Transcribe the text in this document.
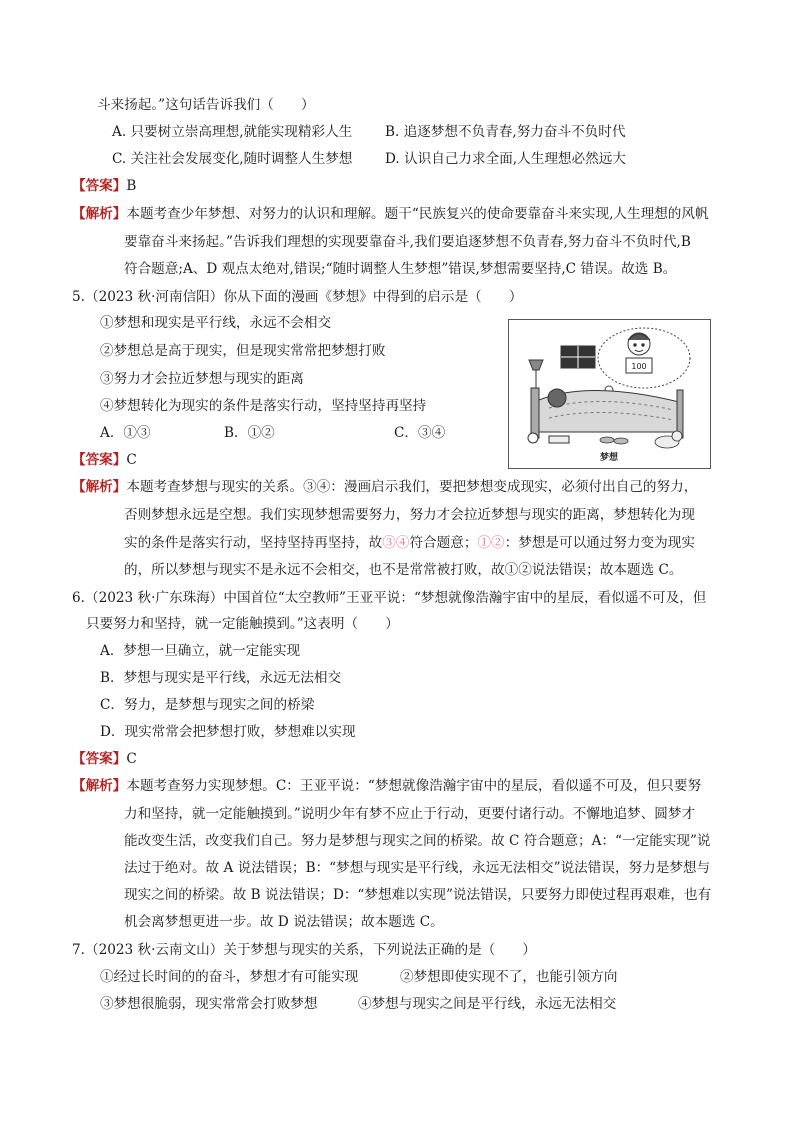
斗来扬起。”这句话告诉我们（　　）
A. 只要树立崇高理想,就能实现精彩人生 B. 追逐梦想不负青春,努力奋斗不负时代
C. 关注社会发展变化,随时调整人生梦想 D. 认识自己力求全面,人生理想必然远大
【答案】B
【解析】本题考查少年梦想、对努力的认识和理解。题干“民族复兴的使命要靠奋斗来实现,人生理想的风帆
要靠奋斗来扬起。”告诉我们理想的实现要靠奋斗,我们要追逐梦想不负青春,努力奋斗不负时代,B
符合题意;A、D 观点太绝对,错误;“随时调整人生梦想”错误,梦想需要坚持,C 错误。故选 B。
5.（2023 秋·河南信阳）你从下面的漫画《梦想》中得到的启示是（　　）
①梦想和现实是平行线，永远不会相交
②梦想总是高于现实，但是现实常常把梦想打败
③努力才会拉近梦想与现实的距离
④梦想转化为现实的条件是落实行动，坚持坚持再坚持
A．①③	B．①②	C．③④
100
梦想
【答案】C
【解析】本题考查梦想与现实的关系。③④：漫画启示我们，要把梦想变成现实，必须付出自己的努力，
否则梦想永远是空想。我们实现梦想需要努力，努力才会拉近梦想与现实的距离，梦想转化为现
实的条件是落实行动，坚持坚持再坚持，故③④符合题意；①②：梦想是可以通过努力变为现实
的，所以梦想与现实不是永远不会相交，也不是常常被打败，故①②说法错误；故本题选 C。
6.（2023 秋·广东珠海）中国首位“太空教师”王亚平说：“梦想就像浩瀚宇宙中的星辰，看似遥不可及，但
只要努力和坚持，就一定能触摸到。”这表明（　　）
A．梦想一旦确立，就一定能实现
B．梦想与现实是平行线，永远无法相交
C．努力，是梦想与现实之间的桥梁
D．现实常常会把梦想打败，梦想难以实现
【答案】C
【解析】本题考查努力实现梦想。C：王亚平说：“梦想就像浩瀚宇宙中的星辰，看似遥不可及，但只要努
力和坚持，就一定能触摸到。”说明少年有梦不应止于行动，更要付诸行动。不懈地追梦、圆梦才
能改变生活，改变我们自己。努力是梦想与现实之间的桥梁。故 C 符合题意；A：“一定能实现”说
法过于绝对。故 A 说法错误；B：“梦想与现实是平行线，永远无法相交”说法错误，努力是梦想与
现实之间的桥梁。故 B 说法错误；D：“梦想难以实现”说法错误，只要努力即使过程再艰难，也有
机会离梦想更进一步。故 D 说法错误；故本题选 C。
7.（2023 秋·云南文山）关于梦想与现实的关系，下列说法正确的是（　　）
①经过长时间的的奋斗，梦想才有可能实现	②梦想即使实现不了，也能引领方向
③梦想很脆弱，现实常常会打败梦想	④梦想与现实之间是平行线，永远无法相交
